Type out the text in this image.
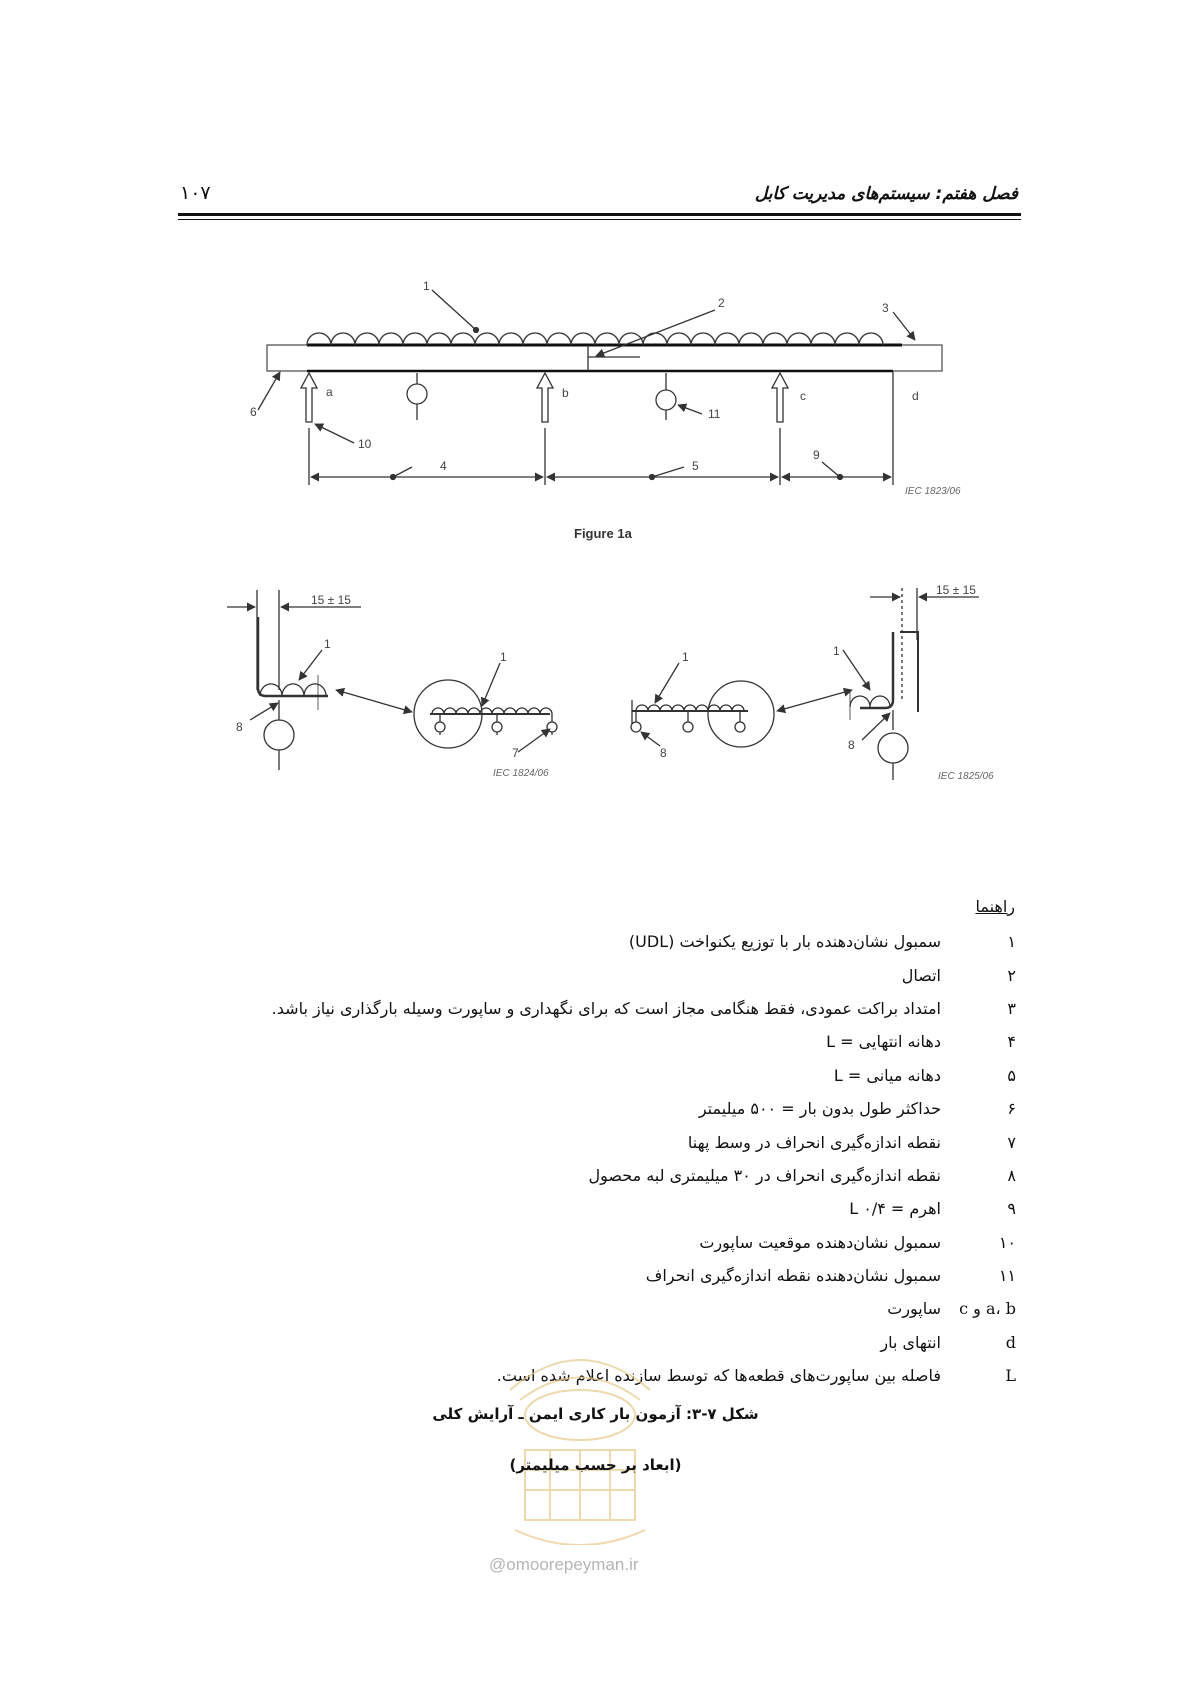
فصل هفتم: سیستم‌های مدیریت کابل
۱۰۷
1
2	3
4	5
6
9
10
11
a	b	c	d
IEC 1823/06
Figure 1a
15 ± 15
15 ± 15
1
1	1	1
7
8
8
8
IEC 1824/06	IEC 1825/06
راهنما
۱
سمبول نشان‌دهنده بار با توزیع یکنواخت (UDL)
۲
اتصال
۳
امتداد براکت عمودی، فقط هنگامی مجاز است که برای نگهداری و ساپورت وسیله بارگذاری نیاز باشد.
۴
دهانه انتهایی = L
۵
دهانه میانی = L
۶
حداکثر طول بدون بار = ۵۰۰ میلیمتر
۷
نقطه اندازه‌گیری انحراف در وسط پهنا
۸
نقطه اندازه‌گیری انحراف در ۳۰ میلیمتری لبه محصول
۹
اهرم = L ۰/۴
۱۰
سمبول نشان‌دهنده موقعیت ساپورت
۱۱
سمبول نشان‌دهنده نقطه اندازه‌گیری انحراف
a، b و c
ساپورت
d
انتهای بار
L
فاصله بین ساپورت‌های قطعه‌ها که توسط سازنده اعلام شده است.
شکل ۷-۳: آزمون بار کاری ایمن ـ آرایش کلی
(ابعاد بر حسب میلیمتر)
@omoorepeyman.ir
